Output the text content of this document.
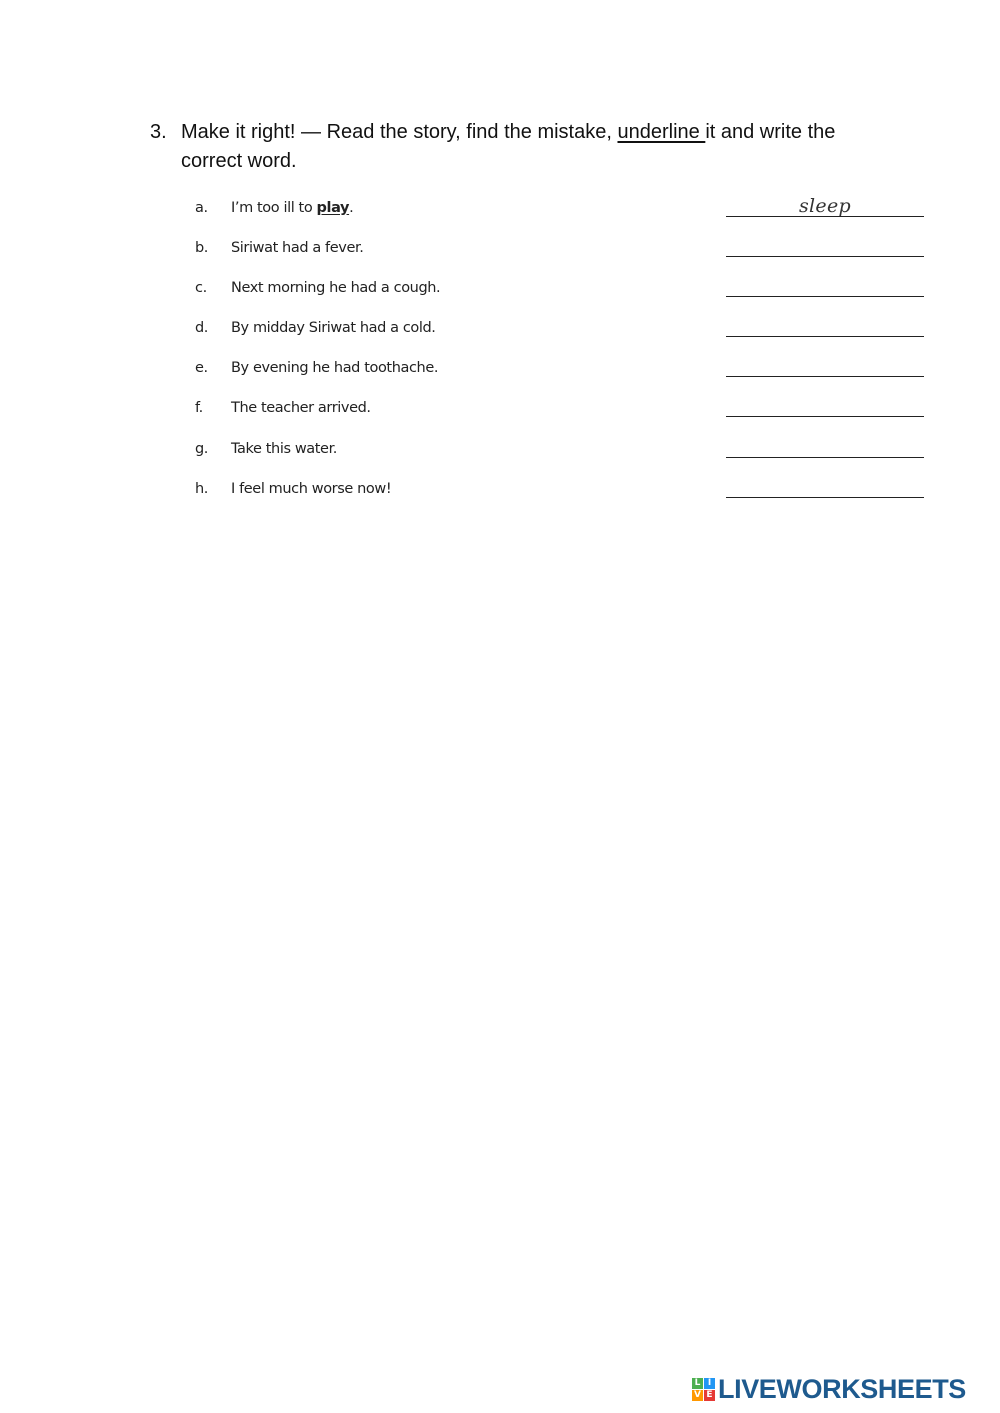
3. Make it right! — Read the story, find the mistake, underline it and write the correct word.
a. I’m too ill to play.	sleep
b. Siriwat had a fever.
c. Next morning he had a cough.
d. By midday Siriwat had a cold.
e. By evening he had toothache.
f. The teacher arrived.
g. Take this water.
h. I feel much worse now!
L I
V E LIVEWORKSHEETS
